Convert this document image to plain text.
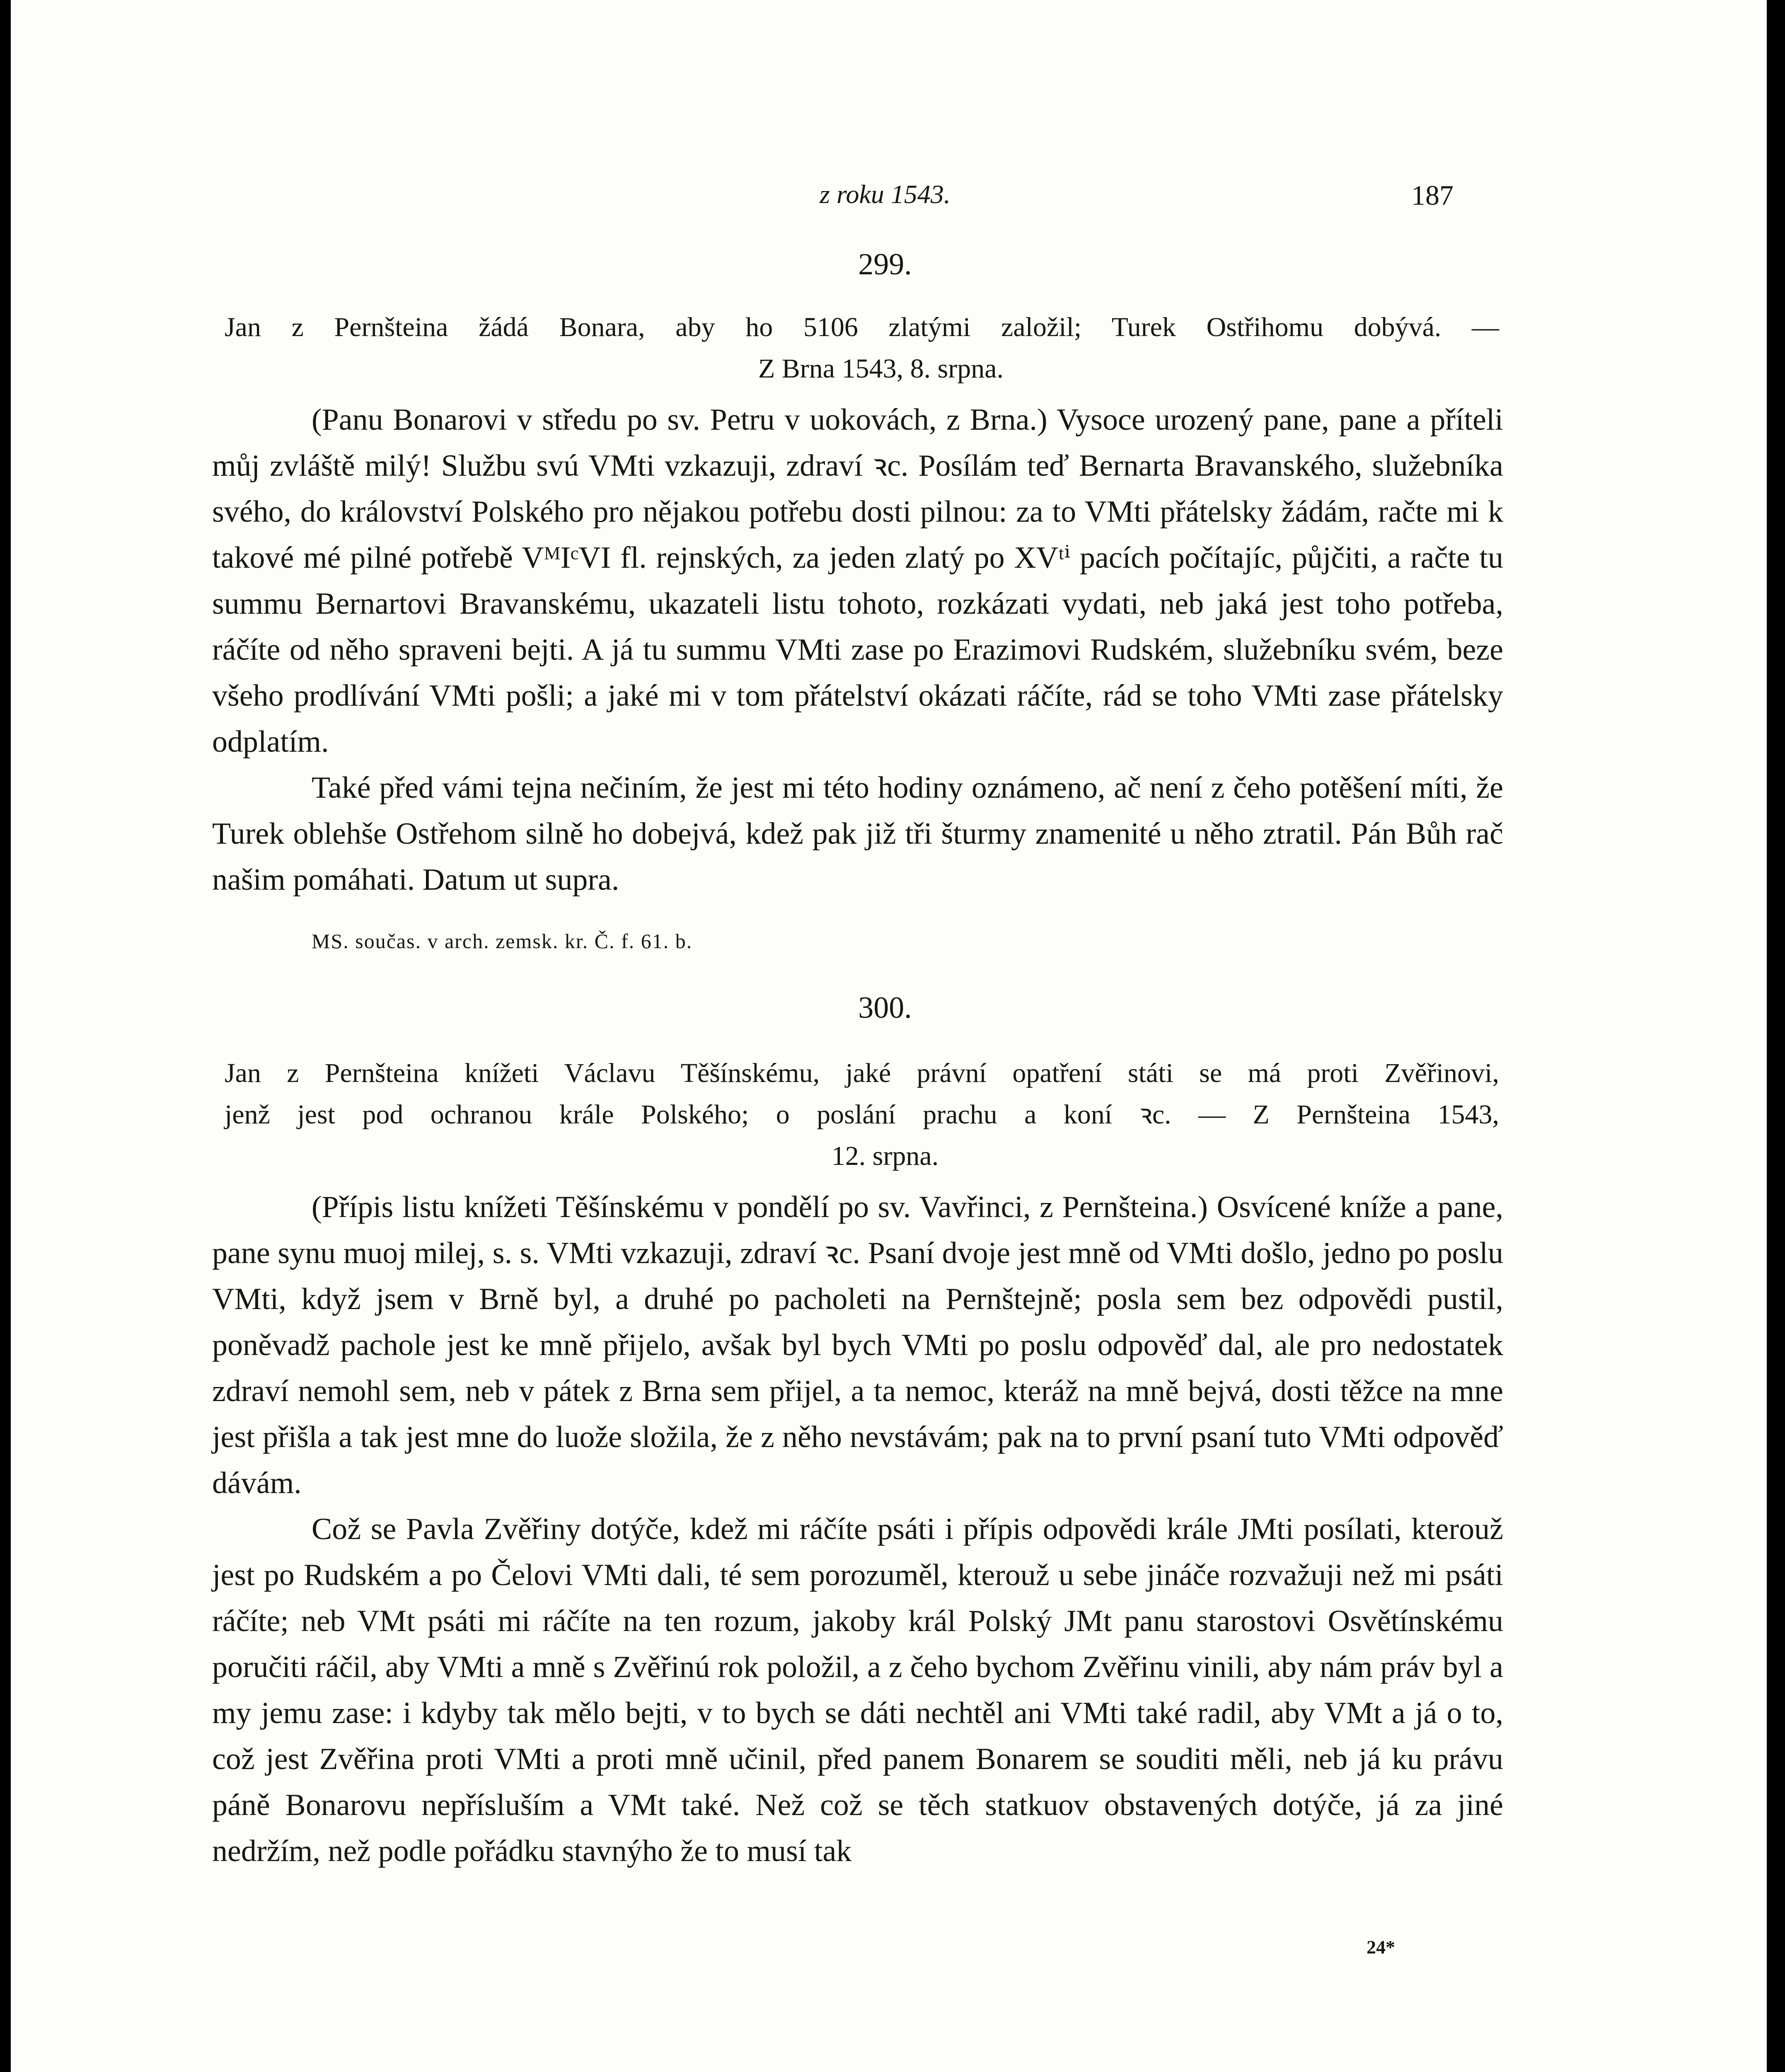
z roku 1543.	187
299.
Jan z Pernšteina žádá Bonara, aby ho 5106 zlatými založil; Turek Ostřihomu dobývá. —
Z Brna 1543, 8. srpna.

(Panu Bonarovi v středu po sv. Petru v uokovách, z Brna.) Vysoce urozený pane, pane a příteli můj zvláště milý! Službu svú VMti vzkazuji, zdraví ꝛc. Posílám teď Bernarta Bravanského, služebníka svého, do království Polského pro nějakou potřebu dosti pilnou: za to VMti přátelsky žádám, račte mi k takové mé pilné potřebě VᴹIᶜVI fl. rejnských, za jeden zlatý po XVᵗⁱ pacích počítajíc, půjčiti, a račte tu summu Bernartovi Bravanskému, ukazateli listu tohoto, rozkázati vydati, neb jaká jest toho potřeba, ráčíte od něho spraveni bejti. A já tu summu VMti zase po Erazimovi Rudském, služebníku svém, beze všeho prodlívání VMti pošli; a jaké mi v tom přátelství okázati ráčíte, rád se toho VMti zase přátelsky odplatím.

Také před vámi tejna nečiním, že jest mi této hodiny oznámeno, ač není z čeho potěšení míti, že Turek oblehše Ostřehom silně ho dobejvá, kdež pak již tři šturmy znamenité u něho ztratil. Pán Bůh rač našim pomáhati. Datum ut supra.

MS. součas. v arch. zemsk. kr. Č. f. 61. b.
300.
Jan z Pernšteina knížeti Václavu Těšínskému, jaké právní opatření státi se má proti Zvěřinovi,
jenž jest pod ochranou krále Polského; o poslání prachu a koní ꝛc. — Z Pernšteina 1543,
12. srpna.

(Přípis listu knížeti Těšínskému v pondělí po sv. Vavřinci, z Pernšteina.) Osvícené kníže a pane, pane synu muoj milej, s. s. VMti vzkazuji, zdraví ꝛc. Psaní dvoje jest mně od VMti došlo, jedno po poslu VMti, když jsem v Brně byl, a druhé po pacholeti na Pernštejně; posla sem bez odpovědi pustil, poněvadž pachole jest ke mně přijelo, avšak byl bych VMti po poslu odpověď dal, ale pro nedostatek zdraví nemohl sem, neb v pátek z Brna sem přijel, a ta nemoc, kteráž na mně bejvá, dosti těžce na mne jest přišla a tak jest mne do luože složila, že z něho nevstávám; pak na to první psaní tuto VMti odpověď dávám.

Což se Pavla Zvěřiny dotýče, kdež mi ráčíte psáti i přípis odpovědi krále JMti posílati, kterouž jest po Rudském a po Čelovi VMti dali, té sem porozuměl, kterouž u sebe jináče rozvažuji než mi psáti ráčíte; neb VMt psáti mi ráčíte na ten rozum, jakoby král Polský JMt panu starostovi Osvětínskému poručiti ráčil, aby VMti a mně s Zvěřinú rok položil, a z čeho bychom Zvěřinu vinili, aby nám práv byl a my jemu zase: i kdyby tak mělo bejti, v to bych se dáti nechtěl ani VMti také radil, aby VMt a já o to, což jest Zvěřina proti VMti a proti mně učinil, před panem Bonarem se souditi měli, neb já ku právu páně Bonarovu nepřísluším a VMt také. Než což se těch statkuov obstavených dotýče, já za jiné nedržím, než podle pořádku stavnýho že to musí tak

24*
